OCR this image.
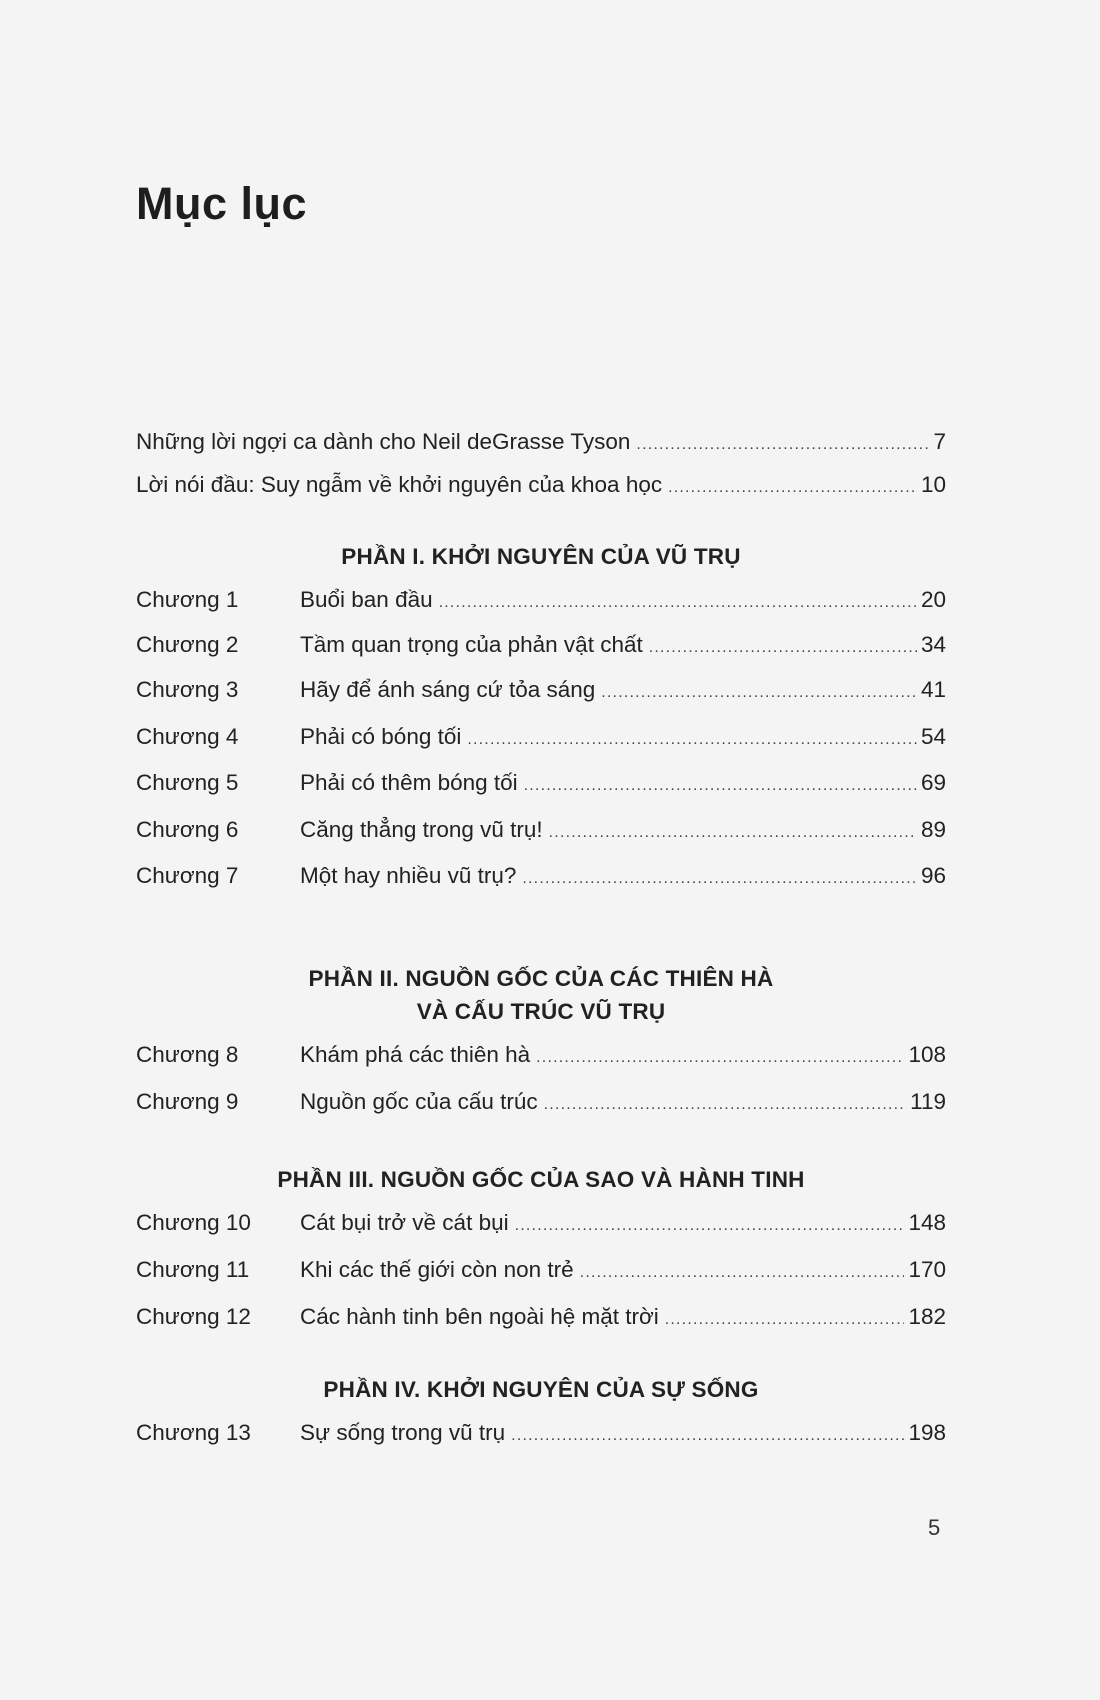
Mục lục
Những lời ngợi ca dành cho Neil deGrasse Tyson .....	7
Lời nói đầu: Suy ngẫm về khởi nguyên của khoa học .....	10
PHẦN I. KHỞI NGUYÊN CỦA VŨ TRỤ
Chương 1	Buổi ban đầu .....	20
Chương 2	Tầm quan trọng của phản vật chất .....	34
Chương 3	Hãy để ánh sáng cứ tỏa sáng .....	41
Chương 4	Phải có bóng tối .....	54
Chương 5	Phải có thêm bóng tối .....	69
Chương 6	Căng thẳng trong vũ trụ! .....	89
Chương 7	Một hay nhiều vũ trụ? .....	96
PHẦN II. NGUỒN GỐC CỦA CÁC THIÊN HÀ
VÀ CẤU TRÚC VŨ TRỤ
Chương 8	Khám phá các thiên hà .....	108
Chương 9	Nguồn gốc của cấu trúc .....	119
PHẦN III. NGUỒN GỐC CỦA SAO VÀ HÀNH TINH
Chương 10	Cát bụi trở về cát bụi .....	148
Chương 11	Khi các thế giới còn non trẻ .....	170
Chương 12	Các hành tinh bên ngoài hệ mặt trời .....	182
PHẦN IV. KHỞI NGUYÊN CỦA SỰ SỐNG
Chương 13	Sự sống trong vũ trụ .....	198
5
